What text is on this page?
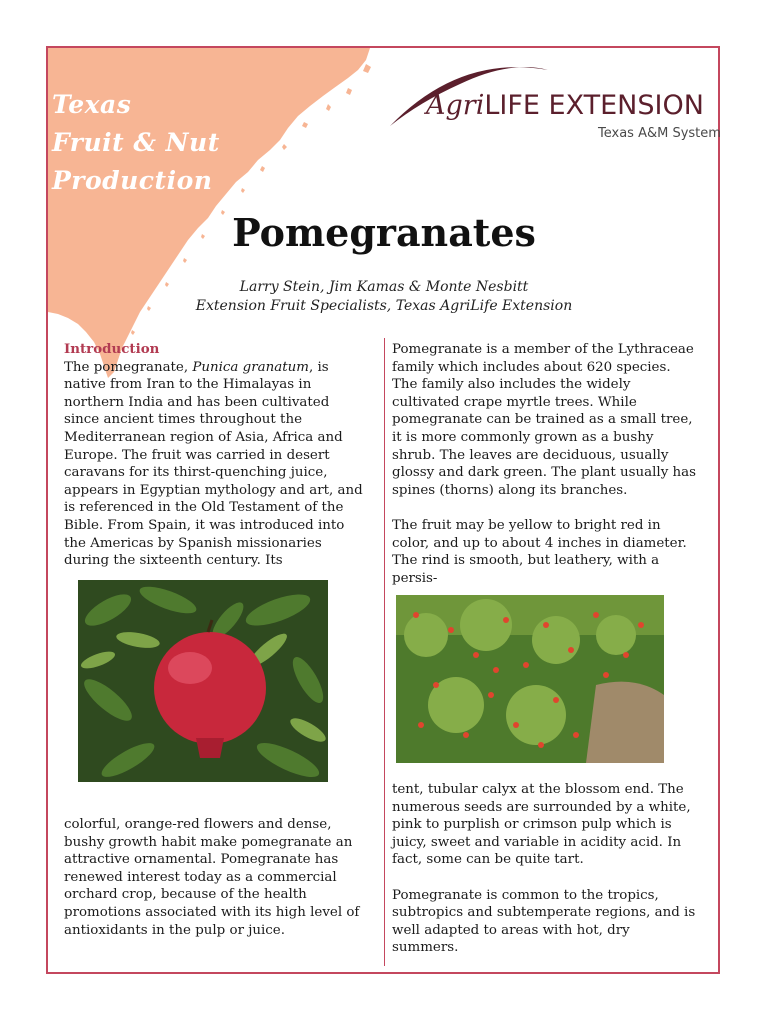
Texas
Fruit & Nut
Production
AgriLIFE EXTENSION
Texas A&M System
Pomegranates
Larry Stein, Jim Kamas & Monte Nesbitt
Extension Fruit Specialists, Texas AgriLife Extension

Introduction

The pomegranate, Punica granatum, is native from Iran to the Himalayas in northern India and has been cultivated since ancient times throughout the Mediterranean region of Asia, Africa and Europe. The fruit was carried in desert caravans for its thirst-quenching juice, appears in Egyptian mythology and art, and is referenced in the Old Testament of the Bible. From Spain, it was introduced into the Americas by Spanish missionaries during the sixteenth century. Its

colorful, orange-red flowers and dense, bushy growth habit make pomegranate an attractive ornamental. Pomegranate has renewed interest today as a commercial orchard crop, because of the health promotions associated with its high level of antioxidants in the pulp or juice.

Pomegranate is a member of the Lythraceae family which includes about 620 species. The family also includes the widely cultivated crape myrtle trees. While pomegranate can be trained as a small tree, it is more commonly grown as a bushy shrub. The leaves are deciduous, usually glossy and dark green. The plant usually has spines (thorns) along its branches.

The fruit may be yellow to bright red in color, and up to about 4 inches in diameter. The rind is smooth, but leathery, with a persis-

tent, tubular calyx at the blossom end. The numerous seeds are surrounded by a white, pink to purplish or crimson pulp which is juicy, sweet and variable in acidity acid. In fact, some can be quite tart.

Pomegranate is common to the tropics, subtropics and subtemperate regions, and is well adapted to areas with hot, dry summers.
